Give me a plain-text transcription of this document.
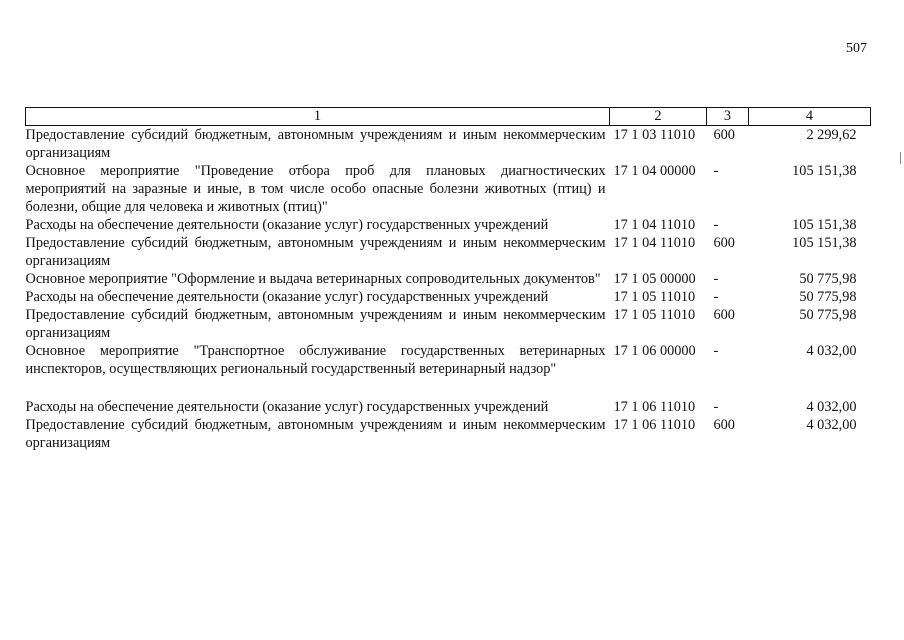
507
1	2	3	4
Предоставление субсидий бюджетным, автономным учреждениям и иным некоммерческим организациям	17 1 03 11010	600	2 299,62
Основное мероприятие "Проведение отбора проб для плановых диагностических мероприятий на заразные и иные, в том числе особо опасные болезни животных (птиц) и болезни, общие для человека и животных (птиц)"	17 1 04 00000	-	105 151,38
Расходы на обеспечение деятельности (оказание услуг) государственных учреждений	17 1 04 11010	-	105 151,38
Предоставление субсидий бюджетным, автономным учреждениям и иным некоммерческим организациям	17 1 04 11010	600	105 151,38
Основное мероприятие "Оформление и выдача ветеринарных сопроводительных документов"	17 1 05 00000	-	50 775,98
Расходы на обеспечение деятельности (оказание услуг) государственных учреждений	17 1 05 11010	-	50 775,98
Предоставление субсидий бюджетным, автономным учреждениям и иным некоммерческим организациям	17 1 05 11010	600	50 775,98
Основное мероприятие "Транспортное обслуживание государственных ветеринарных инспекторов, осуществляющих региональный государственный ветеринарный надзор"	17 1 06 00000	-	4 032,00

Расходы на обеспечение деятельности (оказание услуг) государственных учреждений	17 1 06 11010	-	4 032,00
Предоставление субсидий бюджетным, автономным учреждениям и иным некоммерческим организациям	17 1 06 11010	600	4 032,00
